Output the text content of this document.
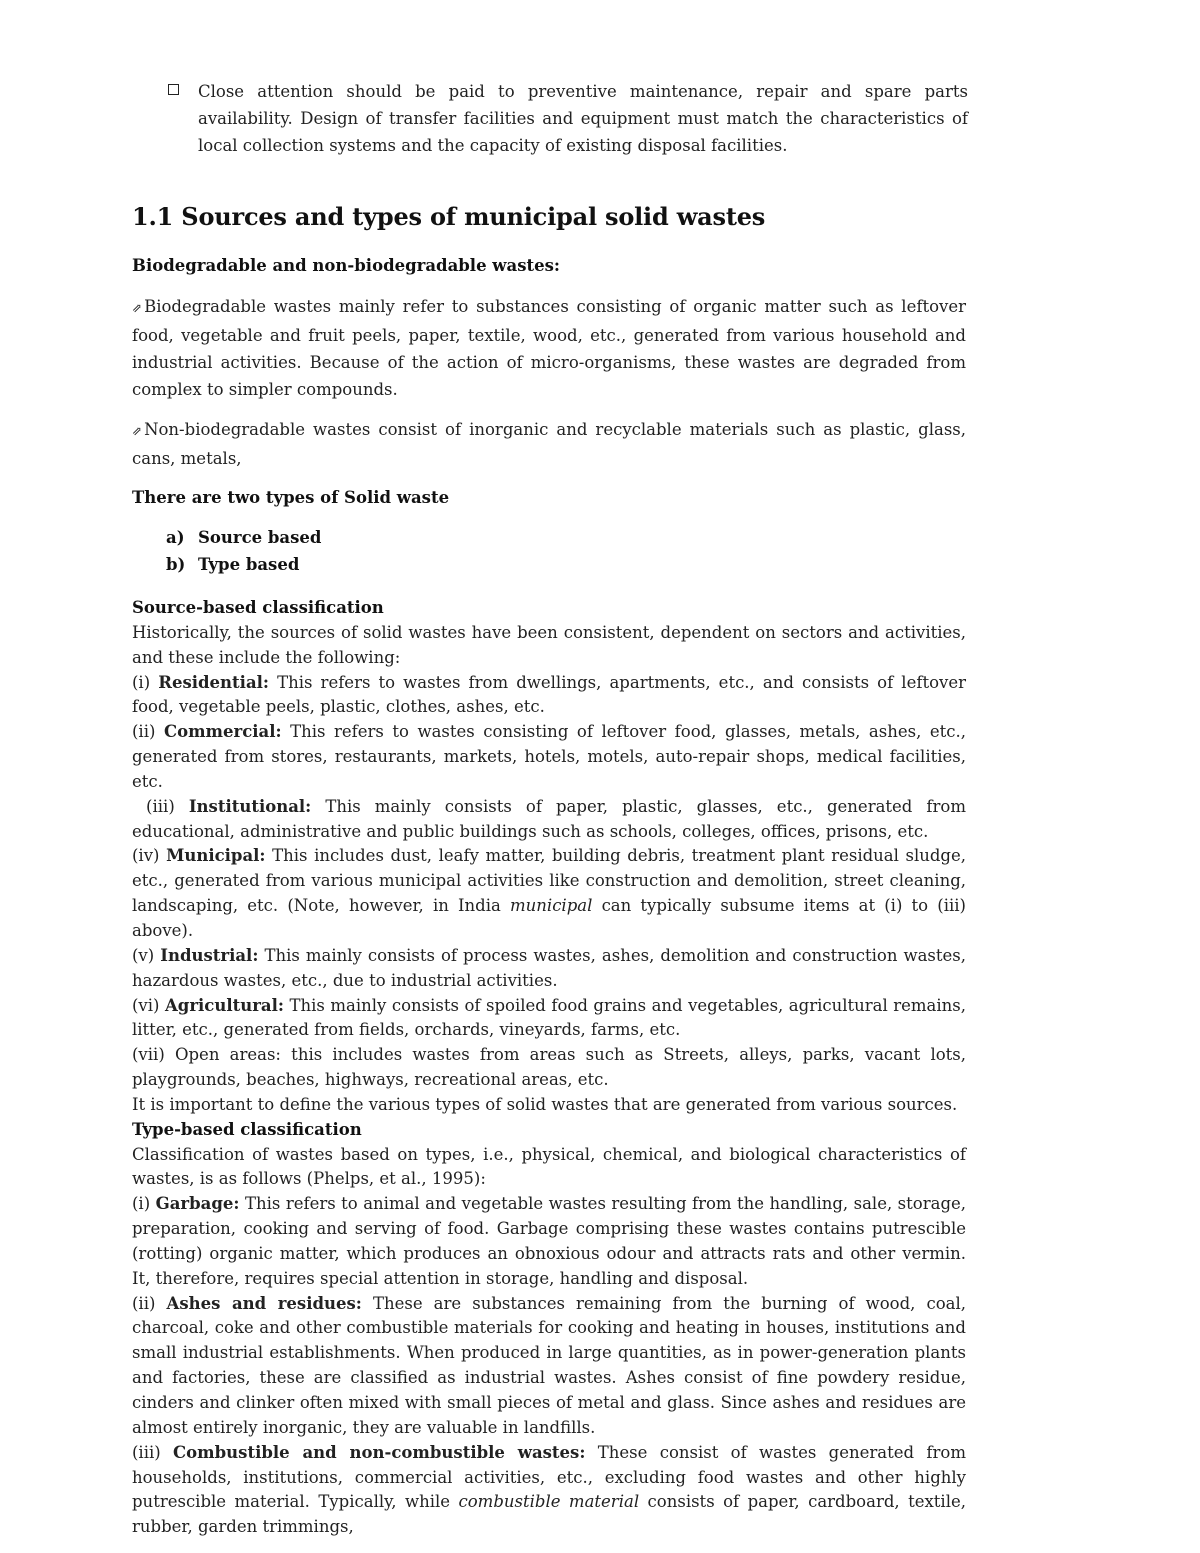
Close attention should be paid to preventive maintenance, repair and spare parts availability. Design of transfer facilities and equipment must match the characteristics of local collection systems and the capacity of existing disposal facilities.

1.1 Sources and types of municipal solid wastes

Biodegradable and non-biodegradable wastes:

⇗ Biodegradable wastes mainly refer to substances consisting of organic matter such as leftover food, vegetable and fruit peels, paper, textile, wood, etc., generated from various household and industrial activities. Because of the action of micro-organisms, these wastes are degraded from complex to simpler compounds.

⇗ Non-biodegradable wastes consist of inorganic and recyclable materials such as plastic, glass, cans, metals,

There are two types of Solid waste

a) Source based
b) Type based

Source-based classification

Historically, the sources of solid wastes have been consistent, dependent on sectors and activities, and these include the following:

(i) Residential: This refers to wastes from dwellings, apartments, etc., and consists of leftover food, vegetable peels, plastic, clothes, ashes, etc.

(ii) Commercial: This refers to wastes consisting of leftover food, glasses, metals, ashes, etc., generated from stores, restaurants, markets, hotels, motels, auto-repair shops, medical facilities, etc.

(iii) Institutional: This mainly consists of paper, plastic, glasses, etc., generated from educational, administrative and public buildings such as schools, colleges, offices, prisons, etc.

(iv) Municipal: This includes dust, leafy matter, building debris, treatment plant residual sludge, etc., generated from various municipal activities like construction and demolition, street cleaning, landscaping, etc. (Note, however, in India municipal can typically subsume items at (i) to (iii) above).

(v) Industrial: This mainly consists of process wastes, ashes, demolition and construction wastes, hazardous wastes, etc., due to industrial activities.

(vi) Agricultural: This mainly consists of spoiled food grains and vegetables, agricultural remains, litter, etc., generated from fields, orchards, vineyards, farms, etc.

(vii) Open areas: this includes wastes from areas such as Streets, alleys, parks, vacant lots, playgrounds, beaches, highways, recreational areas, etc.

It is important to define the various types of solid wastes that are generated from various sources.

Type-based classification

Classification of wastes based on types, i.e., physical, chemical, and biological characteristics of wastes, is as follows (Phelps, et al., 1995):

(i) Garbage: This refers to animal and vegetable wastes resulting from the handling, sale, storage, preparation, cooking and serving of food. Garbage comprising these wastes contains putrescible (rotting) organic matter, which produces an obnoxious odour and attracts rats and other vermin. It, therefore, requires special attention in storage, handling and disposal.

(ii) Ashes and residues: These are substances remaining from the burning of wood, coal, charcoal, coke and other combustible materials for cooking and heating in houses, institutions and small industrial establishments. When produced in large quantities, as in power-generation plants and factories, these are classified as industrial wastes. Ashes consist of fine powdery residue, cinders and clinker often mixed with small pieces of metal and glass. Since ashes and residues are almost entirely inorganic, they are valuable in landfills.

(iii) Combustible and non-combustible wastes: These consist of wastes generated from households, institutions, commercial activities, etc., excluding food wastes and other highly putrescible material. Typically, while combustible material consists of paper, cardboard, textile, rubber, garden trimmings,
